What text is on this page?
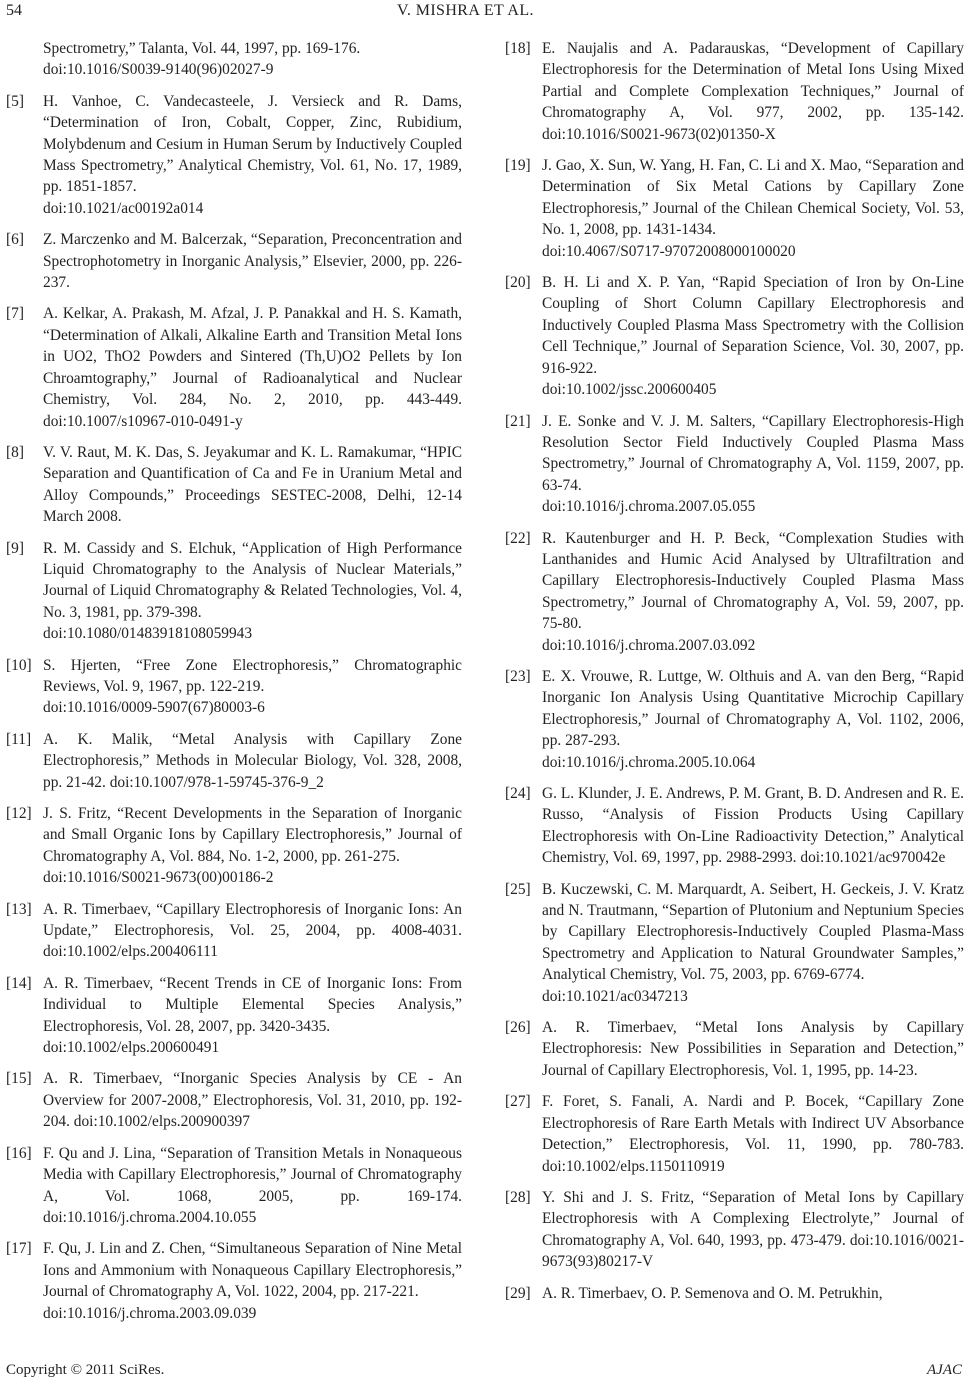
54	V. MISHRA ET AL.
Spectrometry,” Talanta, Vol. 44, 1997, pp. 169-176. doi:10.1016/S0039-9140(96)02027-9
[5] H. Vanhoe, C. Vandecasteele, J. Versieck and R. Dams, “Determination of Iron, Cobalt, Copper, Zinc, Rubidium, Molybdenum and Cesium in Human Serum by Inductively Coupled Mass Spectrometry,” Analytical Chemistry, Vol. 61, No. 17, 1989, pp. 1851-1857.
doi:10.1021/ac00192a014
[6] Z. Marczenko and M. Balcerzak, “Separation, Preconcentration and Spectrophotometry in Inorganic Analysis,” Elsevier, 2000, pp. 226-237.
[7] A. Kelkar, A. Prakash, M. Afzal, J. P. Panakkal and H. S. Kamath, “Determination of Alkali, Alkaline Earth and Transition Metal Ions in UO2, ThO2 Powders and Sintered (Th,U)O2 Pellets by Ion Chroamtography,” Journal of Radioanalytical and Nuclear Chemistry, Vol. 284, No. 2, 2010, pp. 443-449. doi:10.1007/s10967-010-0491-y
[8] V. V. Raut, M. K. Das, S. Jeyakumar and K. L. Ramakumar, “HPIC Separation and Quantification of Ca and Fe in Uranium Metal and Alloy Compounds,” Proceedings SESTEC-2008, Delhi, 12-14 March 2008.
[9] R. M. Cassidy and S. Elchuk, “Application of High Performance Liquid Chromatography to the Analysis of Nuclear Materials,” Journal of Liquid Chromatography & Related Technologies, Vol. 4, No. 3, 1981, pp. 379-398.
doi:10.1080/01483918108059943
[10] S. Hjerten, “Free Zone Electrophoresis,” Chromatographic Reviews, Vol. 9, 1967, pp. 122-219.
doi:10.1016/0009-5907(67)80003-6
[11] A. K. Malik, “Metal Analysis with Capillary Zone Electrophoresis,” Methods in Molecular Biology, Vol. 328, 2008, pp. 21-42. doi:10.1007/978-1-59745-376-9_2
[12] J. S. Fritz, “Recent Developments in the Separation of Inorganic and Small Organic Ions by Capillary Electrophoresis,” Journal of Chromatography A, Vol. 884, No. 1-2, 2000, pp. 261-275.
doi:10.1016/S0021-9673(00)00186-2
[13] A. R. Timerbaev, “Capillary Electrophoresis of Inorganic Ions: An Update,” Electrophoresis, Vol. 25, 2004, pp. 4008-4031. doi:10.1002/elps.200406111
[14] A. R. Timerbaev, “Recent Trends in CE of Inorganic Ions: From Individual to Multiple Elemental Species Analysis,” Electrophoresis, Vol. 28, 2007, pp. 3420-3435.
doi:10.1002/elps.200600491
[15] A. R. Timerbaev, “Inorganic Species Analysis by CE - An Overview for 2007-2008,” Electrophoresis, Vol. 31, 2010, pp. 192-204. doi:10.1002/elps.200900397
[16] F. Qu and J. Lina, “Separation of Transition Metals in Nonaqueous Media with Capillary Electrophoresis,” Journal of Chromatography A, Vol. 1068, 2005, pp. 169-174. doi:10.1016/j.chroma.2004.10.055
[17] F. Qu, J. Lin and Z. Chen, “Simultaneous Separation of Nine Metal Ions and Ammonium with Nonaqueous Capillary Electrophoresis,” Journal of Chromatography A, Vol. 1022, 2004, pp. 217-221.
doi:10.1016/j.chroma.2003.09.039
[18] E. Naujalis and A. Padarauskas, “Development of Capillary Electrophoresis for the Determination of Metal Ions Using Mixed Partial and Complete Complexation Techniques,” Journal of Chromatography A, Vol. 977, 2002, pp. 135-142. doi:10.1016/S0021-9673(02)01350-X
[19] J. Gao, X. Sun, W. Yang, H. Fan, C. Li and X. Mao, “Separation and Determination of Six Metal Cations by Capillary Zone Electrophoresis,” Journal of the Chilean Chemical Society, Vol. 53, No. 1, 2008, pp. 1431-1434.
doi:10.4067/S0717-97072008000100020
[20] B. H. Li and X. P. Yan, “Rapid Speciation of Iron by On-Line Coupling of Short Column Capillary Electrophoresis and Inductively Coupled Plasma Mass Spectrometry with the Collision Cell Technique,” Journal of Separation Science, Vol. 30, 2007, pp. 916-922.
doi:10.1002/jssc.200600405
[21] J. E. Sonke and V. J. M. Salters, “Capillary Electrophoresis-High Resolution Sector Field Inductively Coupled Plasma Mass Spectrometry,” Journal of Chromatography A, Vol. 1159, 2007, pp. 63-74.
doi:10.1016/j.chroma.2007.05.055
[22] R. Kautenburger and H. P. Beck, “Complexation Studies with Lanthanides and Humic Acid Analysed by Ultrafiltration and Capillary Electrophoresis-Inductively Coupled Plasma Mass Spectrometry,” Journal of Chromatography A, Vol. 59, 2007, pp. 75-80.
doi:10.1016/j.chroma.2007.03.092
[23] E. X. Vrouwe, R. Luttge, W. Olthuis and A. van den Berg, “Rapid Inorganic Ion Analysis Using Quantitative Microchip Capillary Electrophoresis,” Journal of Chromatography A, Vol. 1102, 2006, pp. 287-293.
doi:10.1016/j.chroma.2005.10.064
[24] G. L. Klunder, J. E. Andrews, P. M. Grant, B. D. Andresen and R. E. Russo, “Analysis of Fission Products Using Capillary Electrophoresis with On-Line Radioactivity Detection,” Analytical Chemistry, Vol. 69, 1997, pp. 2988-2993. doi:10.1021/ac970042e
[25] B. Kuczewski, C. M. Marquardt, A. Seibert, H. Geckeis, J. V. Kratz and N. Trautmann, “Separtion of Plutonium and Neptunium Species by Capillary Electrophoresis-Inductively Coupled Plasma-Mass Spectrometry and Application to Natural Groundwater Samples,” Analytical Chemistry, Vol. 75, 2003, pp. 6769-6774.
doi:10.1021/ac0347213
[26] A. R. Timerbaev, “Metal Ions Analysis by Capillary Electrophoresis: New Possibilities in Separation and Detection,” Journal of Capillary Electrophoresis, Vol. 1, 1995, pp. 14-23.
[27] F. Foret, S. Fanali, A. Nardi and P. Bocek, “Capillary Zone Electrophoresis of Rare Earth Metals with Indirect UV Absorbance Detection,” Electrophoresis, Vol. 11, 1990, pp. 780-783. doi:10.1002/elps.1150110919
[28] Y. Shi and J. S. Fritz, “Separation of Metal Ions by Capillary Electrophoresis with A Complexing Electrolyte,” Journal of Chromatography A, Vol. 640, 1993, pp. 473-479. doi:10.1016/0021-9673(93)80217-V
[29] A. R. Timerbaev, O. P. Semenova and O. M. Petrukhin,
Copyright © 2011 SciRes.	AJAC
